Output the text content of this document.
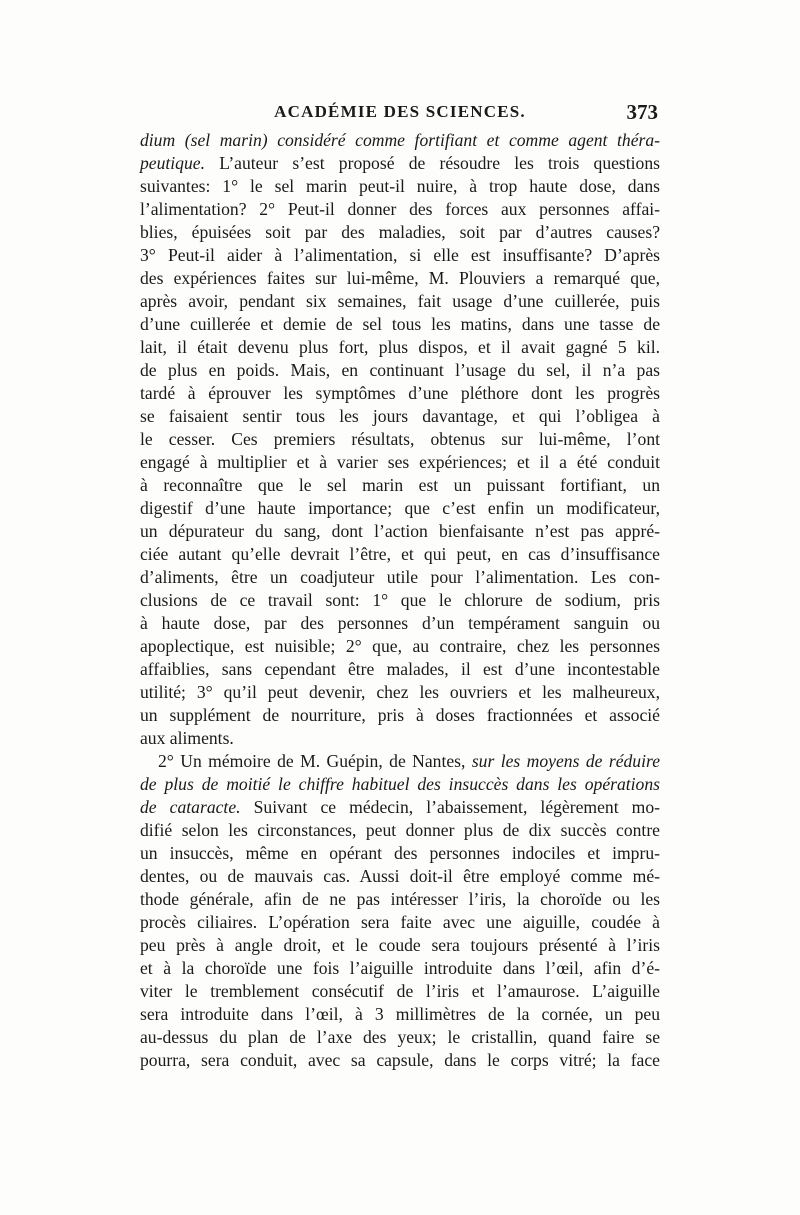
ACADÉMIE DES SCIENCES.	373
dium (sel marin) considéré comme fortifiant et comme agent théra-
peutique. L’auteur s’est proposé de résoudre les trois questions
suivantes: 1° le sel marin peut-il nuire, à trop haute dose, dans
l’alimentation? 2° Peut-il donner des forces aux personnes affai-
blies, épuisées soit par des maladies, soit par d’autres causes?
3° Peut-il aider à l’alimentation, si elle est insuffisante? D’après
des expériences faites sur lui-même, M. Plouviers a remarqué que,
après avoir, pendant six semaines, fait usage d’une cuillerée, puis
d’une cuillerée et demie de sel tous les matins, dans une tasse de
lait, il était devenu plus fort, plus dispos, et il avait gagné 5 kil.
de plus en poids. Mais, en continuant l’usage du sel, il n’a pas
tardé à éprouver les symptômes d’une pléthore dont les progrès
se faisaient sentir tous les jours davantage, et qui l’obligea à
le cesser. Ces premiers résultats, obtenus sur lui-même, l’ont
engagé à multiplier et à varier ses expériences; et il a été conduit
à reconnaître que le sel marin est un puissant fortifiant, un
digestif d’une haute importance; que c’est enfin un modificateur,
un dépurateur du sang, dont l’action bienfaisante n’est pas appré-
ciée autant qu’elle devrait l’être, et qui peut, en cas d’insuffisance
d’aliments, être un coadjuteur utile pour l’alimentation. Les con-
clusions de ce travail sont: 1° que le chlorure de sodium, pris
à haute dose, par des personnes d’un tempérament sanguin ou
apoplectique, est nuisible; 2° que, au contraire, chez les personnes
affaiblies, sans cependant être malades, il est d’une incontestable
utilité; 3° qu’il peut devenir, chez les ouvriers et les malheureux,
un supplément de nourriture, pris à doses fractionnées et associé
aux aliments.
2° Un mémoire de M. Guépin, de Nantes, sur les moyens de réduire
de plus de moitié le chiffre habituel des insuccès dans les opérations
de cataracte. Suivant ce médecin, l’abaissement, légèrement mo-
difié selon les circonstances, peut donner plus de dix succès contre
un insuccès, même en opérant des personnes indociles et impru-
dentes, ou de mauvais cas. Aussi doit-il être employé comme mé-
thode générale, afin de ne pas intéresser l’iris, la choroïde ou les
procès ciliaires. L’opération sera faite avec une aiguille, coudée à
peu près à angle droit, et le coude sera toujours présenté à l’iris
et à la choroïde une fois l’aiguille introduite dans l’œil, afin d’é-
viter le tremblement consécutif de l’iris et l’amaurose. L’aiguille
sera introduite dans l’œil, à 3 millimètres de la cornée, un peu
au-dessus du plan de l’axe des yeux; le cristallin, quand faire se
pourra, sera conduit, avec sa capsule, dans le corps vitré; la face
